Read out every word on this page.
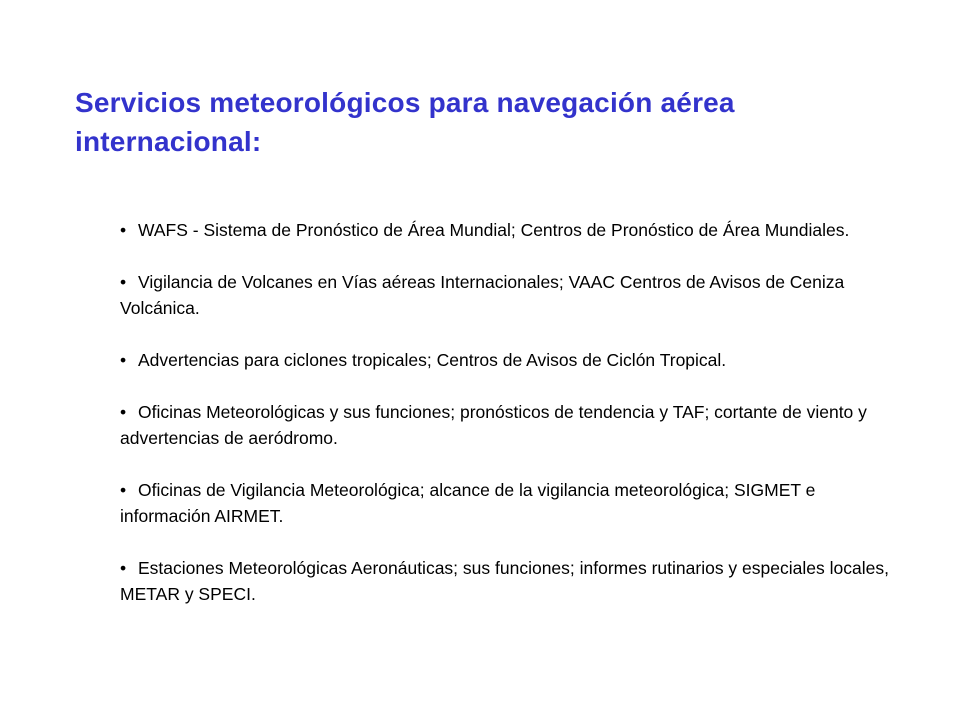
Servicios meteorológicos para navegación aérea internacional:
• WAFS - Sistema de Pronóstico de Área Mundial; Centros de Pronóstico de Área Mundiales.
• Vigilancia de Volcanes en Vías aéreas Internacionales; VAAC Centros de Avisos de Ceniza Volcánica.
• Advertencias para ciclones tropicales; Centros de Avisos de Ciclón Tropical.
• Oficinas Meteorológicas y sus funciones; pronósticos de tendencia y TAF; cortante de viento y advertencias de aeródromo.
• Oficinas de Vigilancia Meteorológica; alcance de la vigilancia meteorológica; SIGMET e información AIRMET.
• Estaciones Meteorológicas Aeronáuticas; sus funciones; informes rutinarios y especiales locales, METAR y SPECI.
